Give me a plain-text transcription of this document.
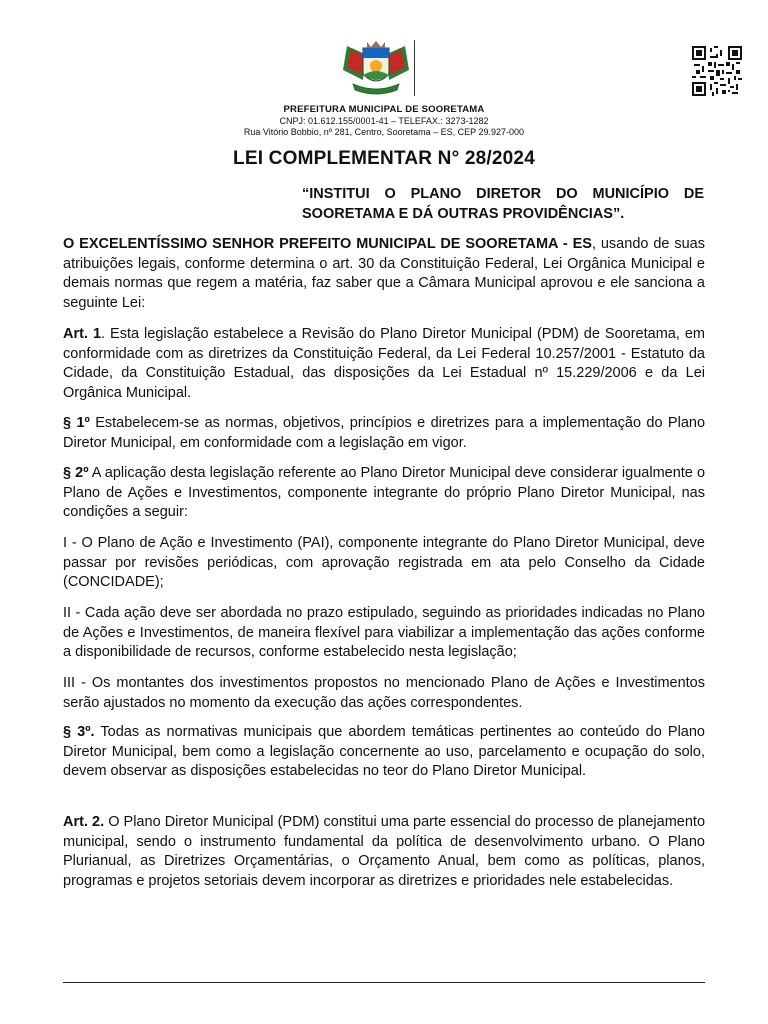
PREFEITURA MUNICIPAL DE SOORETAMA
CNPJ: 01.612.155/0001-41 – TELEFAX.: 3273-1282
Rua Vitório Bobbio, nº 281, Centro, Sooretama – ES, CEP 29.927-000
LEI COMPLEMENTAR N° 28/2024
“INSTITUI O PLANO DIRETOR DO MUNICÍPIO DE SOORETAMA E DÁ OUTRAS PROVIDÊNCIAS”.

O EXCELENTÍSSIMO SENHOR PREFEITO MUNICIPAL DE SOORETAMA - ES, usando de suas atribuições legais, conforme determina o art. 30 da Constituição Federal, Lei Orgânica Municipal e demais normas que regem a matéria, faz saber que a Câmara Municipal aprovou e ele sanciona a seguinte Lei:

Art. 1. Esta legislação estabelece a Revisão do Plano Diretor Municipal (PDM) de Sooretama, em conformidade com as diretrizes da Constituição Federal, da Lei Federal 10.257/2001 - Estatuto da Cidade, da Constituição Estadual, das disposições da Lei Estadual nº 15.229/2006 e da Lei Orgânica Municipal.

§ 1º Estabelecem-se as normas, objetivos, princípios e diretrizes para a implementação do Plano Diretor Municipal, em conformidade com a legislação em vigor.

§ 2º A aplicação desta legislação referente ao Plano Diretor Municipal deve considerar igualmente o Plano de Ações e Investimentos, componente integrante do próprio Plano Diretor Municipal, nas condições a seguir:

I - O Plano de Ação e Investimento (PAI), componente integrante do Plano Diretor Municipal, deve passar por revisões periódicas, com aprovação registrada em ata pelo Conselho da Cidade (CONCIDADE);

II - Cada ação deve ser abordada no prazo estipulado, seguindo as prioridades indicadas no Plano de Ações e Investimentos, de maneira flexível para viabilizar a implementação das ações conforme a disponibilidade de recursos, conforme estabelecido nesta legislação;

III - Os montantes dos investimentos propostos no mencionado Plano de Ações e Investimentos serão ajustados no momento da execução das ações correspondentes.

§ 3º. Todas as normativas municipais que abordem temáticas pertinentes ao conteúdo do Plano Diretor Municipal, bem como a legislação concernente ao uso, parcelamento e ocupação do solo, devem observar as disposições estabelecidas no teor do Plano Diretor Municipal.

Art. 2. O Plano Diretor Municipal (PDM) constitui uma parte essencial do processo de planejamento municipal, sendo o instrumento fundamental da política de desenvolvimento urbano. O Plano Plurianual, as Diretrizes Orçamentárias, o Orçamento Anual, bem como as políticas, planos, programas e projetos setoriais devem incorporar as diretrizes e prioridades nele estabelecidas.
